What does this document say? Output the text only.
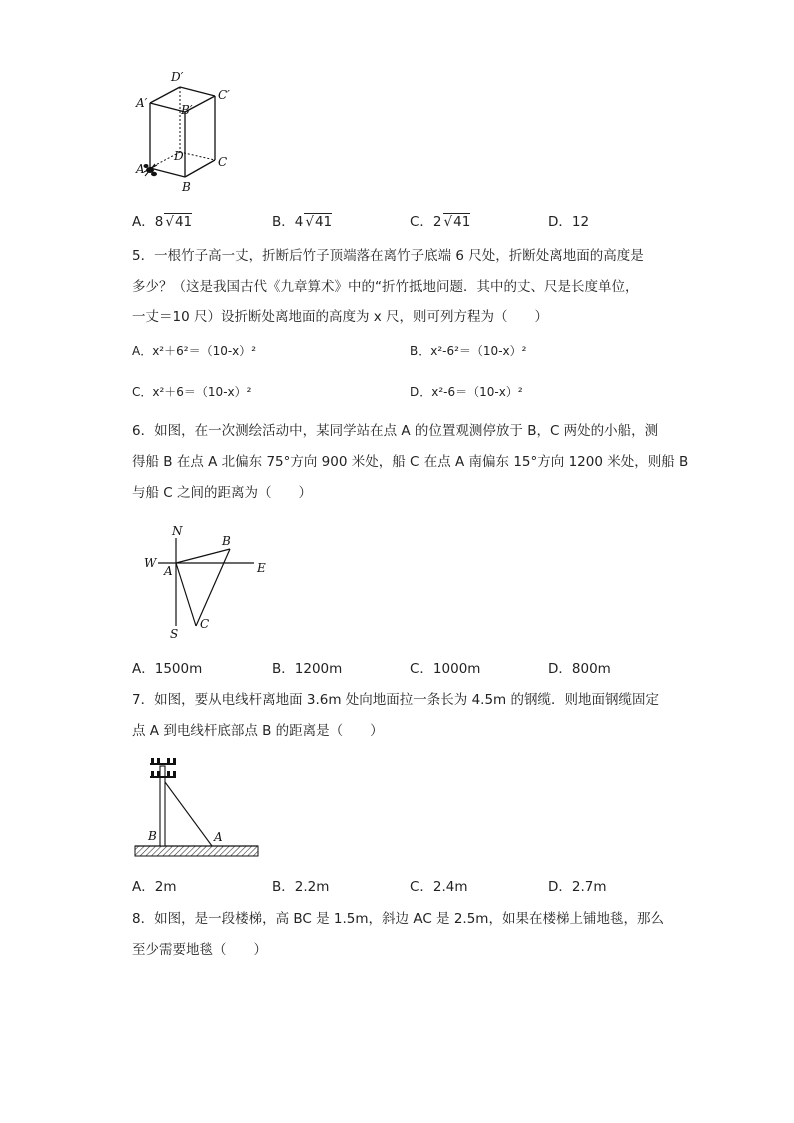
D′
C′
A′	B′
D	C
A
B
A．8 √41	B．4 √41	C．2 √41	D．12
5．一根竹子高一丈，折断后竹子顶端落在离竹子底端 6 尺处，折断处离地面的高度是
多少？（这是我国古代《九章算术》中的“折竹抵地问题．其中的丈、尺是长度单位，
一丈＝10 尺）设折断处离地面的高度为 x 尺，则可列方程为（　　）
A．x²＋6²＝（10-x）²	B．x²-6²＝（10-x）²
C．x²＋6＝（10-x）²	D．x²-6＝（10-x）²
6．如图，在一次测绘活动中，某同学站在点 A 的位置观测停放于 B，C 两处的小船，测
得船 B 在点 A 北偏东 75°方向 900 米处，船 C 在点 A 南偏东 15°方向 1200 米处，则船 B
与船 C 之间的距离为（　　）
N
S
W	E
A
B
C
A．1500m	B．1200m	C．1000m	D．800m
7．如图，要从电线杆离地面 3.6m 处向地面拉一条长为 4.5m 的钢缆．则地面钢缆固定
点 A 到电线杆底部点 B 的距离是（　　）
B	A
A．2m	B．2.2m	C．2.4m	D．2.7m
8．如图，是一段楼梯，高 BC 是 1.5m，斜边 AC 是 2.5m，如果在楼梯上铺地毯，那么
至少需要地毯（　　）
